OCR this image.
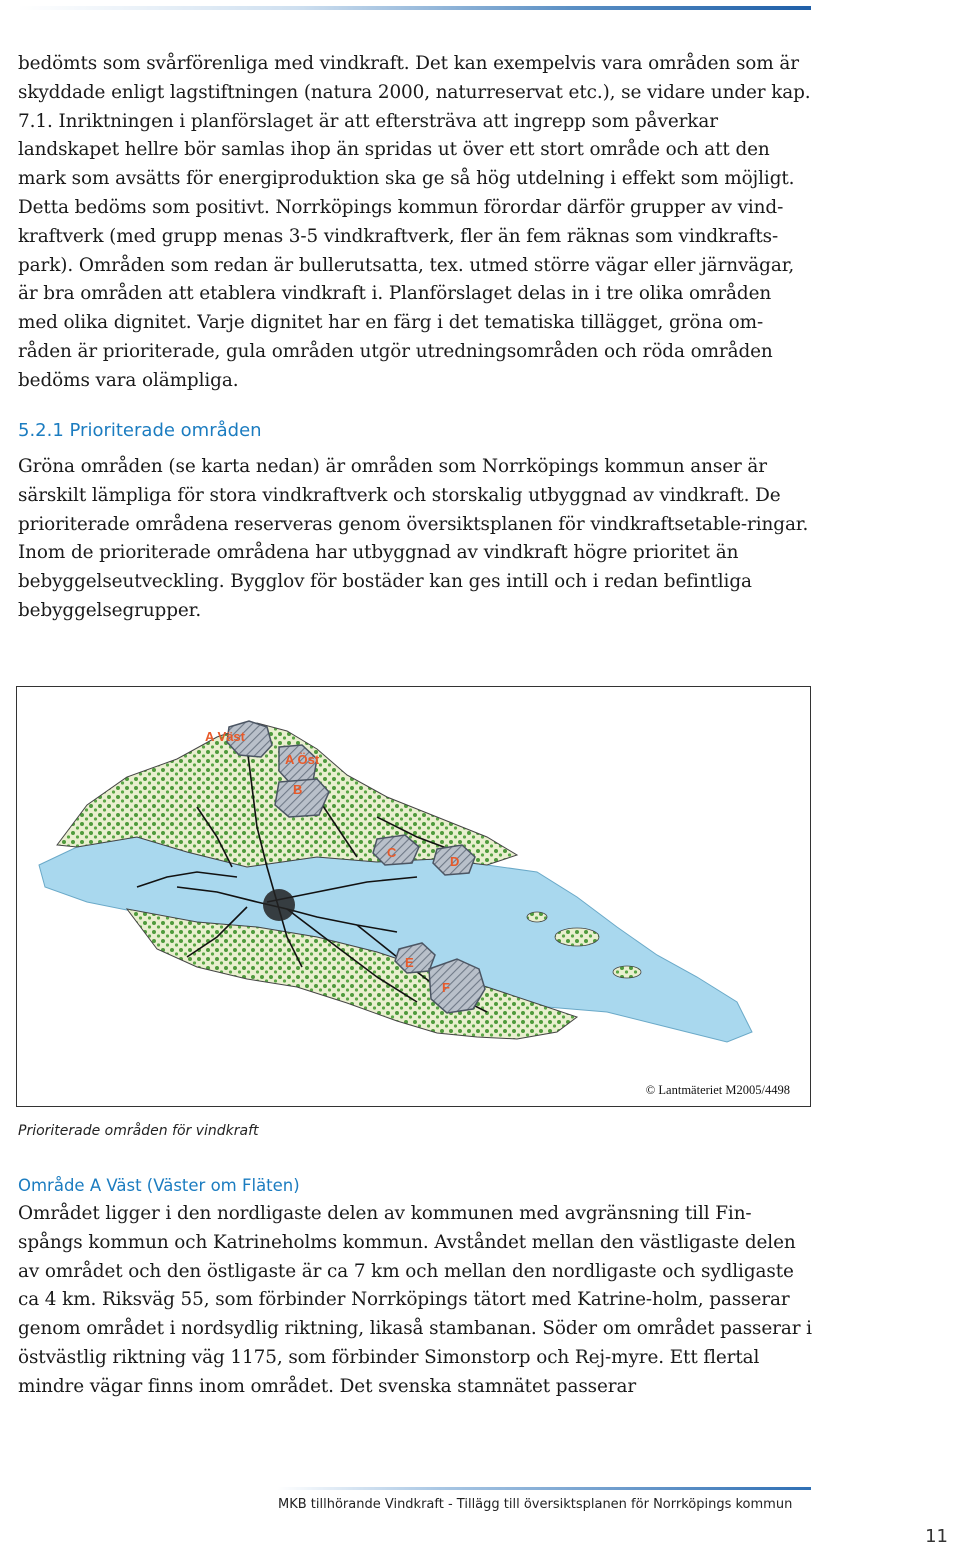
bedömts som svårförenliga med vindkraft. Det kan exempelvis vara områden som är skyddade enligt lagstiftningen (natura 2000, naturreservat etc.), se vidare under kap. 7.1. Inriktningen i planförslaget är att eftersträva att ingrepp som påverkar landskapet hellre bör samlas ihop än spridas ut över ett stort område och att den mark som avsätts för energiproduktion ska ge så hög utdelning i effekt som möjligt. Detta bedöms som positivt. Norrköpings kommun förordar därför grupper av vind-kraftverk (med grupp menas 3-5 vindkraftverk, fler än fem räknas som vindkrafts-park). Områden som redan är bullerutsatta, tex. utmed större vägar eller järnvägar, är bra områden att etablera vindkraft i. Planförslaget delas in i tre olika områden med olika dignitet. Varje dignitet har en färg i det tematiska tillägget, gröna om-råden är prioriterade, gula områden utgör utredningsområden och röda områden bedöms vara olämpliga.

5.2.1 Prioriterade områden

Gröna områden (se karta nedan) är områden som Norrköpings kommun anser är särskilt lämpliga för stora vindkraftverk och storskalig utbyggnad av vindkraft. De prioriterade områdena reserveras genom översiktsplanen för vindkraftsetable-ringar. Inom de prioriterade områdena har utbyggnad av vindkraft högre prioritet än bebyggelseutveckling. Bygglov för bostäder kan ges intill och i redan befintliga bebyggelsegrupper.

A Väst
A Öst
B
C
D
E
F
© Lantmäteriet M2005/4498
Prioriterade områden för vindkraft
Område A Väst (Väster om Fläten)

Området ligger i den nordligaste delen av kommunen med avgränsning till Fin-spångs kommun och Katrineholms kommun. Avståndet mellan den västligaste delen av området och den östligaste är ca 7 km och mellan den nordligaste och sydligaste ca 4 km. Riksväg 55, som förbinder Norrköpings tätort med Katrine-holm, passerar genom området i nordsydlig riktning, likaså stambanan. Söder om området passerar i östvästlig riktning väg 1175, som förbinder Simonstorp och Rej-myre. Ett flertal mindre vägar finns inom området. Det svenska stamnätet passerar

MKB tillhörande Vindkraft - Tillägg till översiktsplanen för Norrköpings kommun
11
